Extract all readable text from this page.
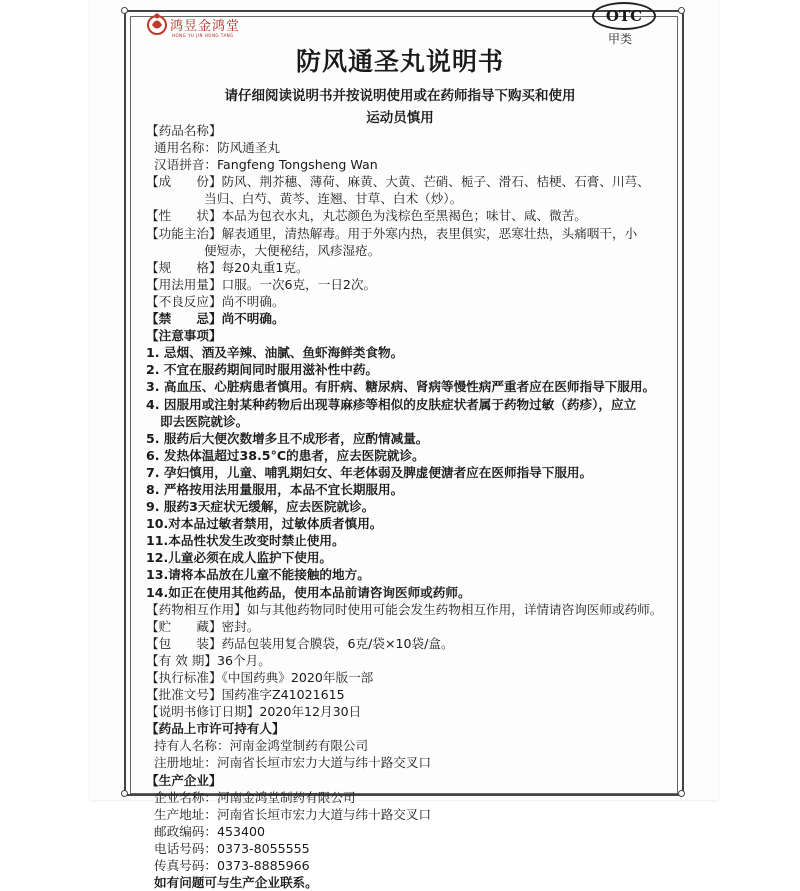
鸿昱金鸿堂
HONG YU JIN HONG TANG
OTC
甲类
防风通圣丸说明书
请仔细阅读说明书并按说明使用或在药师指导下购买和使用
运动员慎用
【药品名称】
通用名称：防风通圣丸
汉语拼音：Fangfeng Tongsheng Wan
【成　　份】防风、荆芥穗、薄荷、麻黄、大黄、芒硝、栀子、滑石、桔梗、石膏、川芎、
当归、白芍、黄芩、连翘、甘草、白术（炒）。
【性　　状】本品为包衣水丸，丸芯颜色为浅棕色至黑褐色；味甘、咸、微苦。
【功能主治】解表通里，清热解毒。用于外寒内热，表里俱实，恶寒壮热，头痛咽干，小
便短赤，大便秘结，风疹湿疮。
【规　　格】每20丸重1克。
【用法用量】口服。一次6克，一日2次。
【不良反应】尚不明确。
【禁　　忌】尚不明确。
【注意事项】
1. 忌烟、酒及辛辣、油腻、鱼虾海鲜类食物。
2. 不宜在服药期间同时服用滋补性中药。
3. 高血压、心脏病患者慎用。有肝病、糖尿病、肾病等慢性病严重者应在医师指导下服用。
4. 因服用或注射某种药物后出现荨麻疹等相似的皮肤症状者属于药物过敏（药疹），应立
即去医院就诊。
5. 服药后大便次数增多且不成形者，应酌情减量。
6. 发热体温超过38.5°C的患者，应去医院就诊。
7. 孕妇慎用，儿童、哺乳期妇女、年老体弱及脾虚便溏者应在医师指导下服用。
8. 严格按用法用量服用，本品不宜长期服用。
9. 服药3天症状无缓解，应去医院就诊。
10.对本品过敏者禁用，过敏体质者慎用。
11.本品性状发生改变时禁止使用。
12.儿童必须在成人监护下使用。
13.请将本品放在儿童不能接触的地方。
14.如正在使用其他药品，使用本品前请咨询医师或药师。
【药物相互作用】如与其他药物同时使用可能会发生药物相互作用，详情请咨询医师或药师。
【贮　　藏】密封。
【包　　装】药品包装用复合膜袋，6克/袋×10袋/盒。
【有 效 期】36个月。
【执行标准】《中国药典》2020年版一部
【批准文号】国药准字Z41021615
【说明书修订日期】2020年12月30日
【药品上市许可持有人】
持有人名称：河南金鸿堂制药有限公司
注册地址：河南省长垣市宏力大道与纬十路交叉口
【生产企业】
企业名称：河南金鸿堂制药有限公司
生产地址：河南省长垣市宏力大道与纬十路交叉口
邮政编码：453400
电话号码：0373-8055555
传真号码：0373-8885966
如有问题可与生产企业联系。
